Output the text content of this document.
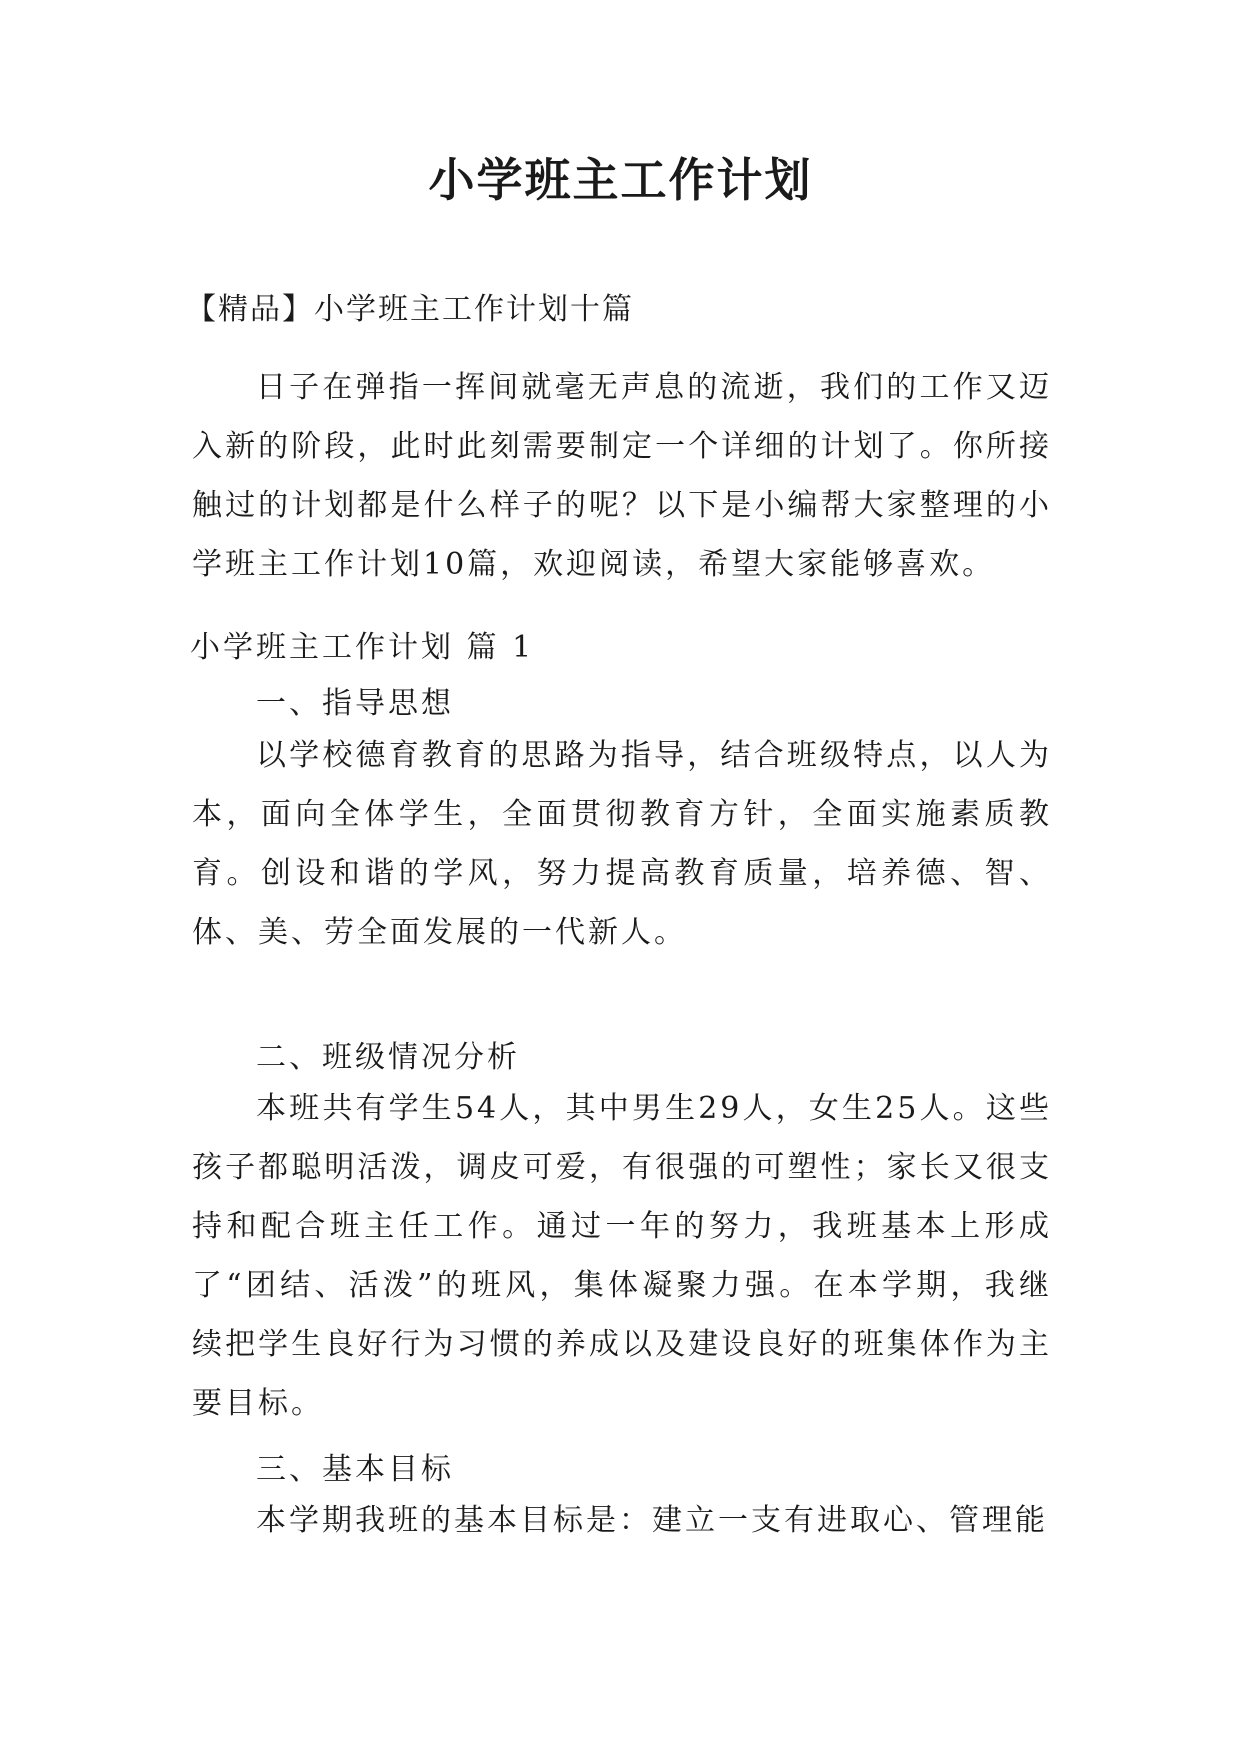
小学班主工作计划
【精品】小学班主工作计划十篇

日子在弹指一挥间就毫无声息的流逝，我们的工作又迈入新的阶段，此时此刻需要制定一个详细的计划了。你所接触过的计划都是什么样子的呢？以下是小编帮大家整理的小学班主工作计划10篇，欢迎阅读，希望大家能够喜欢。

小学班主工作计划 篇 1

一、指导思想

以学校德育教育的思路为指导，结合班级特点，以人为本，面向全体学生，全面贯彻教育方针，全面实施素质教育。创设和谐的学风，努力提高教育质量，培养德、智、体、美、劳全面发展的一代新人。

二、班级情况分析

本班共有学生54人，其中男生29人，女生25人。这些孩子都聪明活泼，调皮可爱，有很强的可塑性；家长又很支持和配合班主任工作。通过一年的努力，我班基本上形成了“团结、活泼”的班风，集体凝聚力强。在本学期，我继续把学生良好行为习惯的养成以及建设良好的班集体作为主要目标。

三、基本目标

本学期我班的基本目标是：建立一支有进取心、管理能
